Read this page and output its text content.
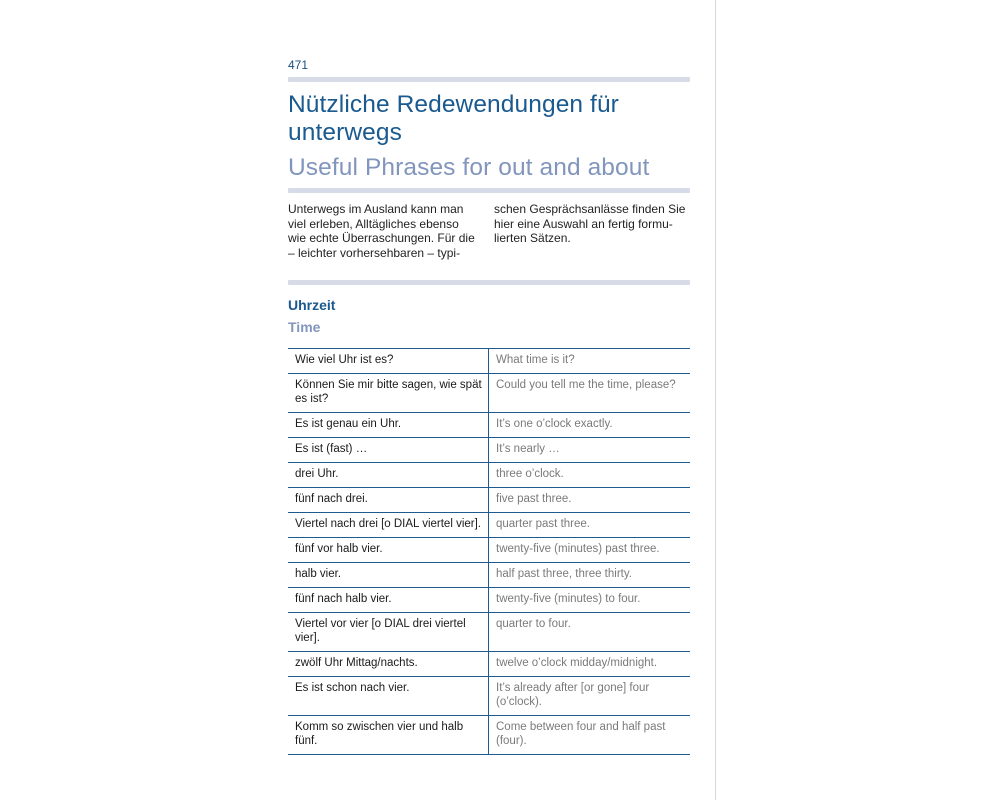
471

Nützliche Redewendungen für unterwegs
Useful Phrases for out and about

Unterwegs im Ausland kann man viel erleben, Alltägliches ebenso wie echte Überraschungen. Für die – leichter vorhersehbaren – typi-

schen Gesprächsanlässe finden Sie hier eine Auswahl an fertig formu-lierten Sätzen.

Uhrzeit
Time
Wie viel Uhr ist es?	What time is it?
Können Sie mir bitte sagen, wie spät es ist?	Could you tell me the time, please?
Es ist genau ein Uhr.	It’s one o’clock exactly.
Es ist (fast) …	It’s nearly …
drei Uhr.	three o’clock.
fünf nach drei.	five past three.
Viertel nach drei [o DIAL viertel vier].	quarter past three.
fünf vor halb vier.	twenty-five (minutes) past three.
halb vier.	half past three, three thirty.
fünf nach halb vier.	twenty-five (minutes) to four.
Viertel vor vier [o DIAL drei viertel vier].	quarter to four.
zwölf Uhr Mittag/nachts.	twelve o’clock midday/midnight.
Es ist schon nach vier.	It’s already after [or gone] four (o’clock).
Komm so zwischen vier und halb fünf.	Come between four and half past (four).
